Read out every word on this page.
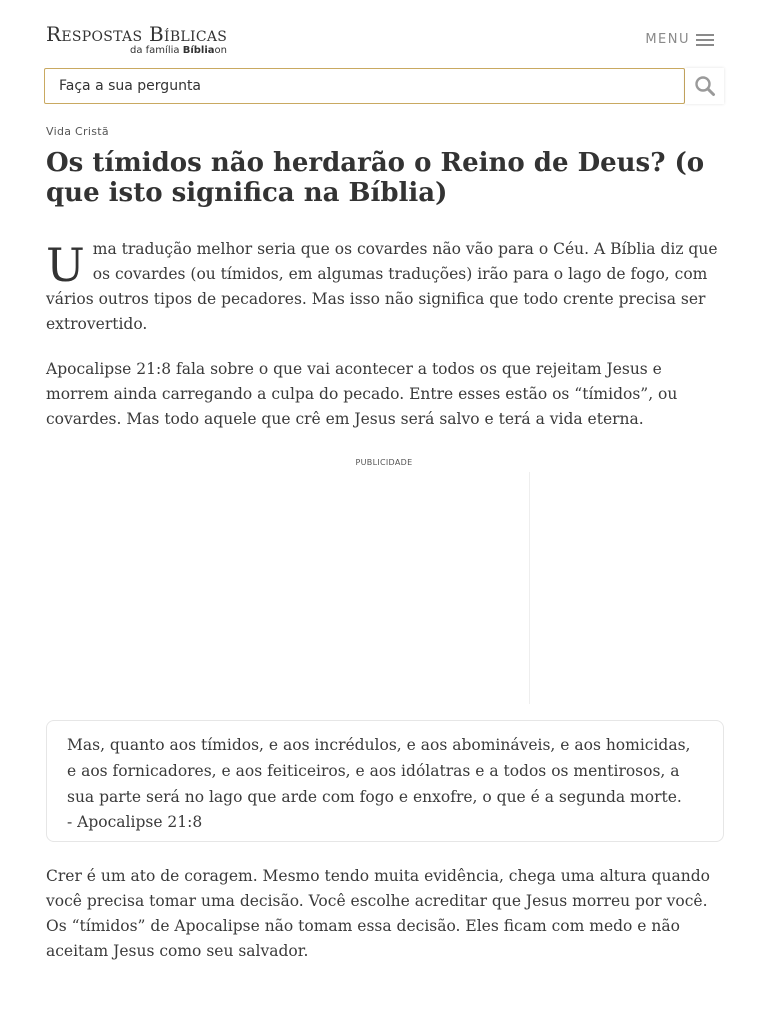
Respostas Bíblicas
da família Bíbliaon
MENU
Faça a sua pergunta
Vida Cristã
Os tímidos não herdarão o Reino de Deus? (o que isto significa na Bíblia)

Uma tradução melhor seria que os covardes não vão para o Céu. A Bíblia diz que os covardes (ou tímidos, em algumas traduções) irão para o lago de fogo, com vários outros tipos de pecadores. Mas isso não significa que todo crente precisa ser extrovertido.

Apocalipse 21:8 fala sobre o que vai acontecer a todos os que rejeitam Jesus e morrem ainda carregando a culpa do pecado. Entre esses estão os “tímidos”, ou covardes. Mas todo aquele que crê em Jesus será salvo e terá a vida eterna.

PUBLICIDADE
Mas, quanto aos tímidos, e aos incrédulos, e aos abomináveis, e aos homicidas, e aos fornicadores, e aos feiticeiros, e aos idólatras e a todos os mentirosos, a sua parte será no lago que arde com fogo e enxofre, o que é a segunda morte.
- Apocalipse 21:8

Crer é um ato de coragem. Mesmo tendo muita evidência, chega uma altura quando você precisa tomar uma decisão. Você escolhe acreditar que Jesus morreu por você. Os “tímidos” de Apocalipse não tomam essa decisão. Eles ficam com medo e não aceitam Jesus como seu salvador.
